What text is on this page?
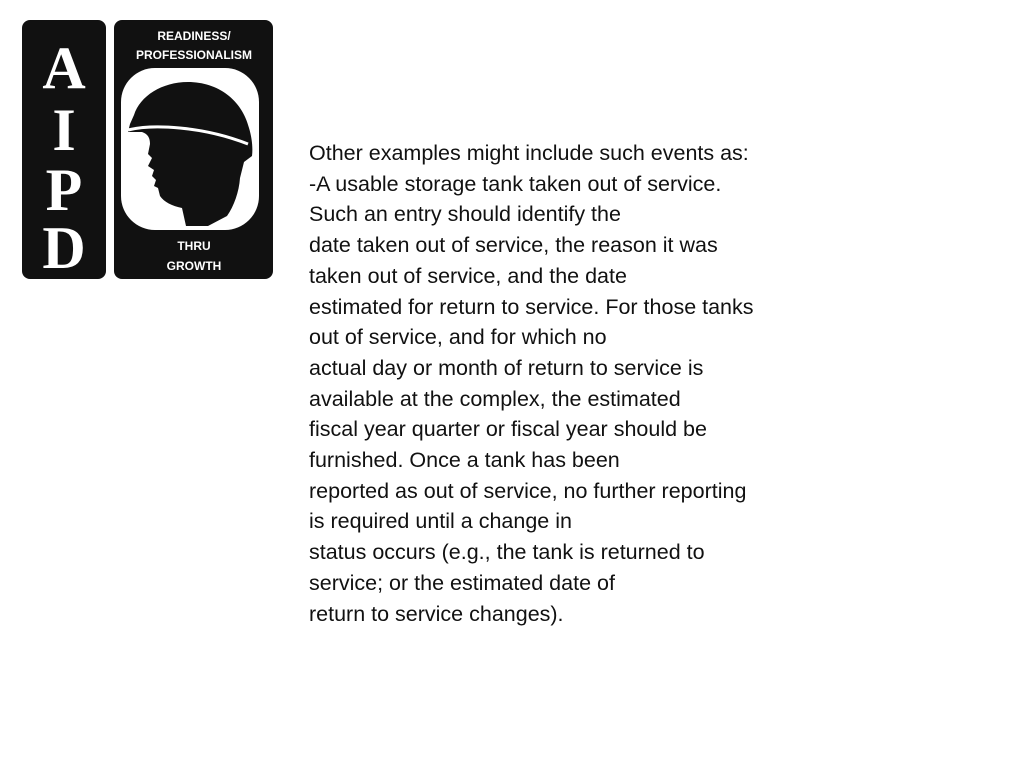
A
I
P
D
READINESS/
PROFESSIONALISM
THRU
GROWTH
Other examples might include such events as:
-A usable storage tank taken out of service.
Such an entry should identify the
date taken out of service, the reason it was
taken out of service, and the date
estimated for return to service. For those tanks
out of service, and for which no
actual day or month of return to service is
available at the complex, the estimated
fiscal year quarter or fiscal year should be
furnished. Once a tank has been
reported as out of service, no further reporting
is required until a change in
status occurs (e.g., the tank is returned to
service; or the estimated date of
return to service changes).
